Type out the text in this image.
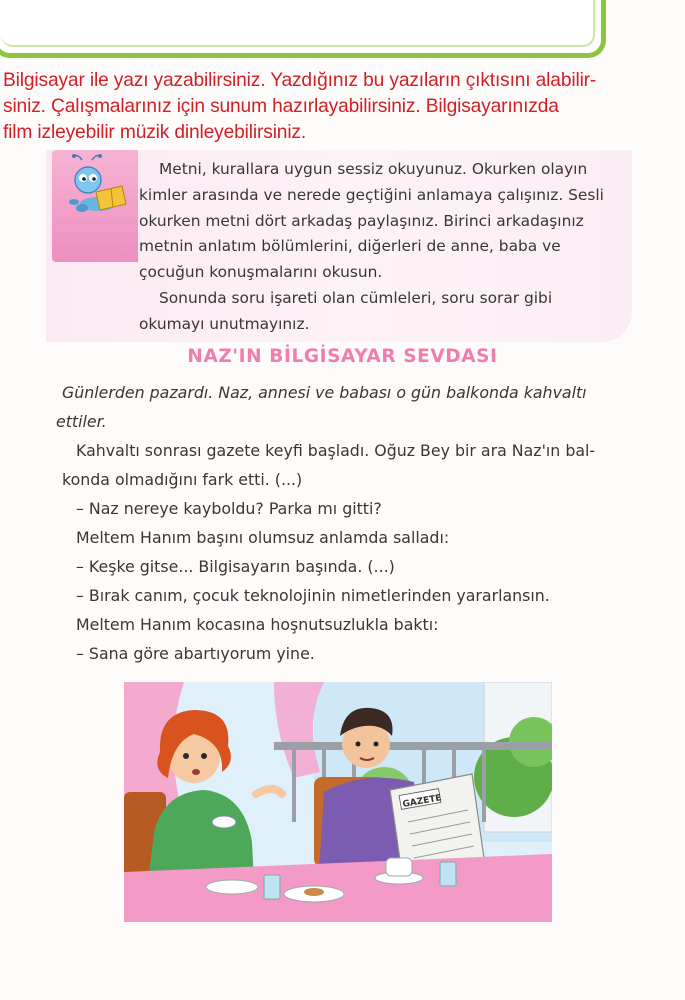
Bilgisayar ile yazı yazabilirsiniz. Yazdığınız bu yazıların çıktısını alabilir-
siniz. Çalışmalarınız için sunum hazırlayabilirsiniz. Bilgisayarınızda
film izleyebilir müzik dinleyebilirsiniz.

Metni, kurallara uygun sessiz okuyunuz. Okurken olayın

kimler arasında ve nerede geçtiğini anlamaya çalışınız. Sesli

okurken metni dört arkadaş paylaşınız. Birinci arkadaşınız

metnin anlatım bölümlerini, diğerleri de anne, baba ve

çocuğun konuşmalarını okusun.

Sonunda soru işareti olan cümleleri, soru sorar gibi

okumayı unutmayınız.

NAZ'IN BİLGİSAYAR SEVDASI

Günlerden pazardı. Naz, annesi ve babası o gün balkonda kahvaltı

ettiler.

Kahvaltı sonrası gazete keyfi başladı. Oğuz Bey bir ara Naz'ın bal-

konda olmadığını fark etti. (...)

– Naz nereye kayboldu? Parka mı gitti?

Meltem Hanım başını olumsuz anlamda salladı:

– Keşke gitse... Bilgisayarın başında. (...)

– Bırak canım, çocuk teknolojinin nimetlerinden yararlansın.

Meltem Hanım kocasına hoşnutsuzlukla baktı:

– Sana göre abartıyorum yine.

GAZETE
